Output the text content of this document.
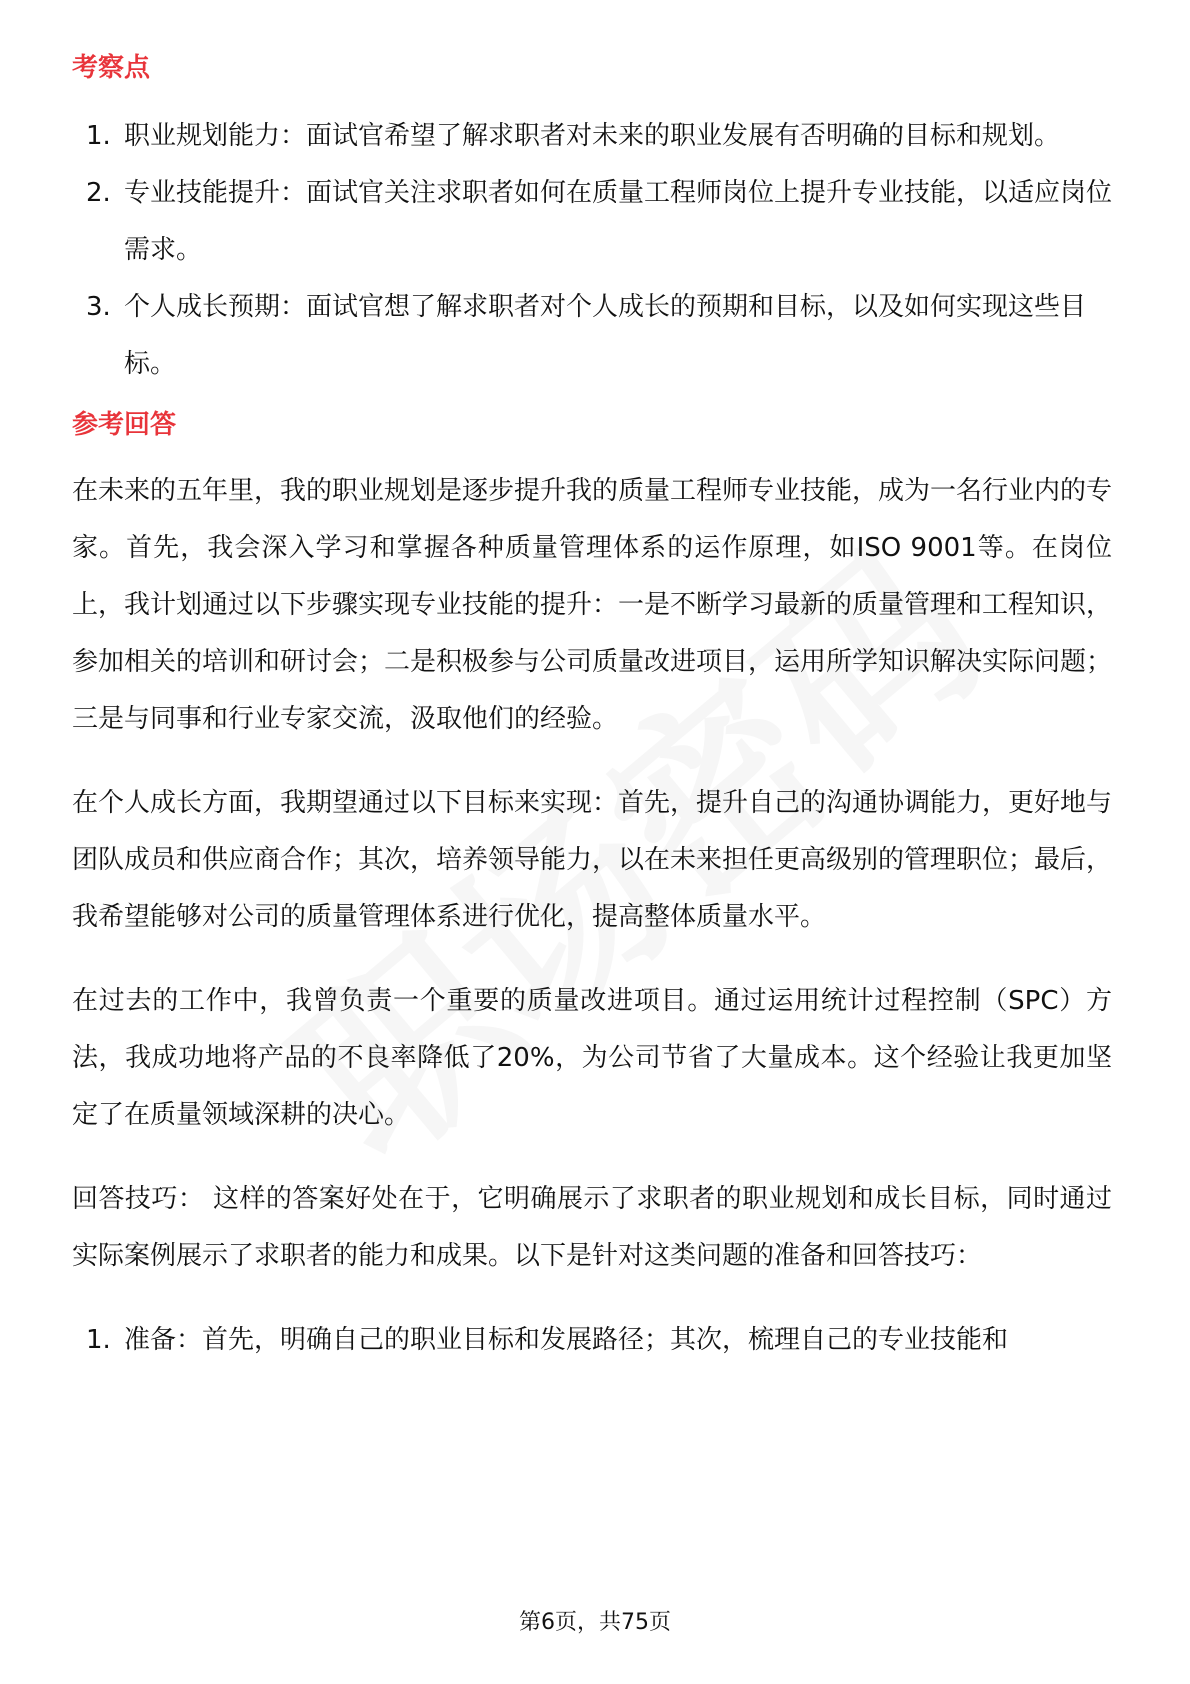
考察点
1. 职业规划能力：面试官希望了解求职者对未来的职业发展有否明确的目标和规划。
2. 专业技能提升：面试官关注求职者如何在质量工程师岗位上提升专业技能，以适应岗位需求。
3. 个人成长预期：面试官想了解求职者对个人成长的预期和目标，以及如何实现这些目标。
参考回答

在未来的五年里，我的职业规划是逐步提升我的质量工程师专业技能，成为一名行业内的专家。首先，我会深入学习和掌握各种质量管理体系的运作原理，如ISO 9001等。在岗位上，我计划通过以下步骤实现专业技能的提升：一是不断学习最新的质量管理和工程知识，参加相关的培训和研讨会；二是积极参与公司质量改进项目，运用所学知识解决实际问题；三是与同事和行业专家交流，汲取他们的经验。

在个人成长方面，我期望通过以下目标来实现：首先，提升自己的沟通协调能力，更好地与团队成员和供应商合作；其次，培养领导能力，以在未来担任更高级别的管理职位；最后，我希望能够对公司的质量管理体系进行优化，提高整体质量水平。

在过去的工作中，我曾负责一个重要的质量改进项目。通过运用统计过程控制（SPC）方法，我成功地将产品的不良率降低了20%，为公司节省了大量成本。这个经验让我更加坚定了在质量领域深耕的决心。

回答技巧： 这样的答案好处在于，它明确展示了求职者的职业规划和成长目标，同时通过实际案例展示了求职者的能力和成果。以下是针对这类问题的准备和回答技巧：

1. 准备：首先，明确自己的职业目标和发展路径；其次，梳理自己的专业技能和
第6页，共75页
